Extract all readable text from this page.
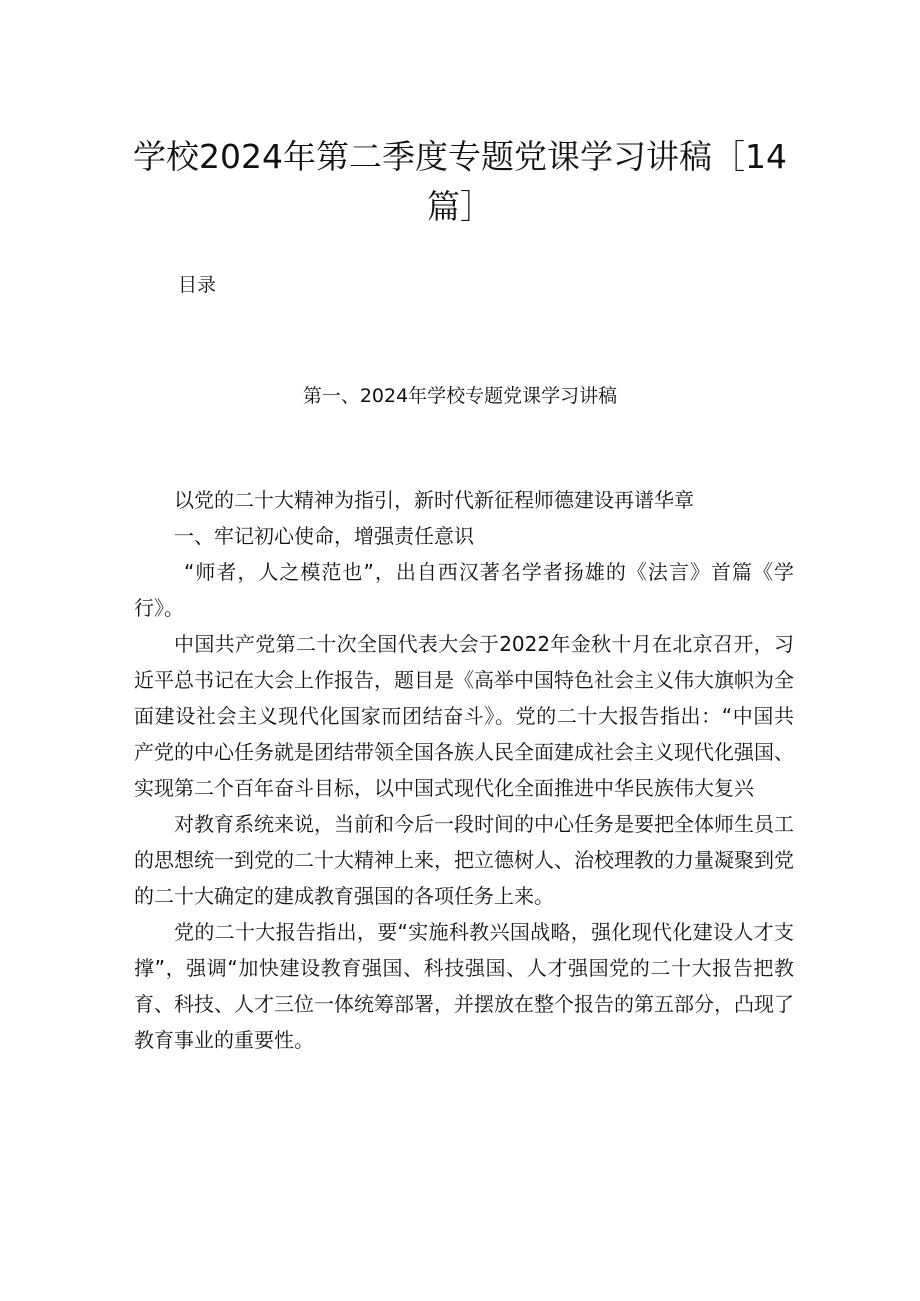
学校2024年第二季度专题党课学习讲稿［14
篇］
目录
第一、2024年学校专题党课学习讲稿

以党的二十大精神为指引，新时代新征程师德建设再谱华章

一、牢记初心使命，增强责任意识

“师者，人之模范也”，出自西汉著名学者扬雄的《法言》首篇《学行》。

中国共产党第二十次全国代表大会于2022年金秋十月在北京召开，习近平总书记在大会上作报告，题目是《高举中国特色社会主义伟大旗帜为全面建设社会主义现代化国家而团结奋斗》。党的二十大报告指出：“中国共产党的中心任务就是团结带领全国各族人民全面建成社会主义现代化强国、实现第二个百年奋斗目标，以中国式现代化全面推进中华民族伟大复兴

对教育系统来说，当前和今后一段时间的中心任务是要把全体师生员工的思想统一到党的二十大精神上来，把立德树人、治校理教的力量凝聚到党的二十大确定的建成教育强国的各项任务上来。

党的二十大报告指出，要“实施科教兴国战略，强化现代化建设人才支撑”，强调“加快建设教育强国、科技强国、人才强国党的二十大报告把教育、科技、人才三位一体统筹部署，并摆放在整个报告的第五部分，凸现了教育事业的重要性。
